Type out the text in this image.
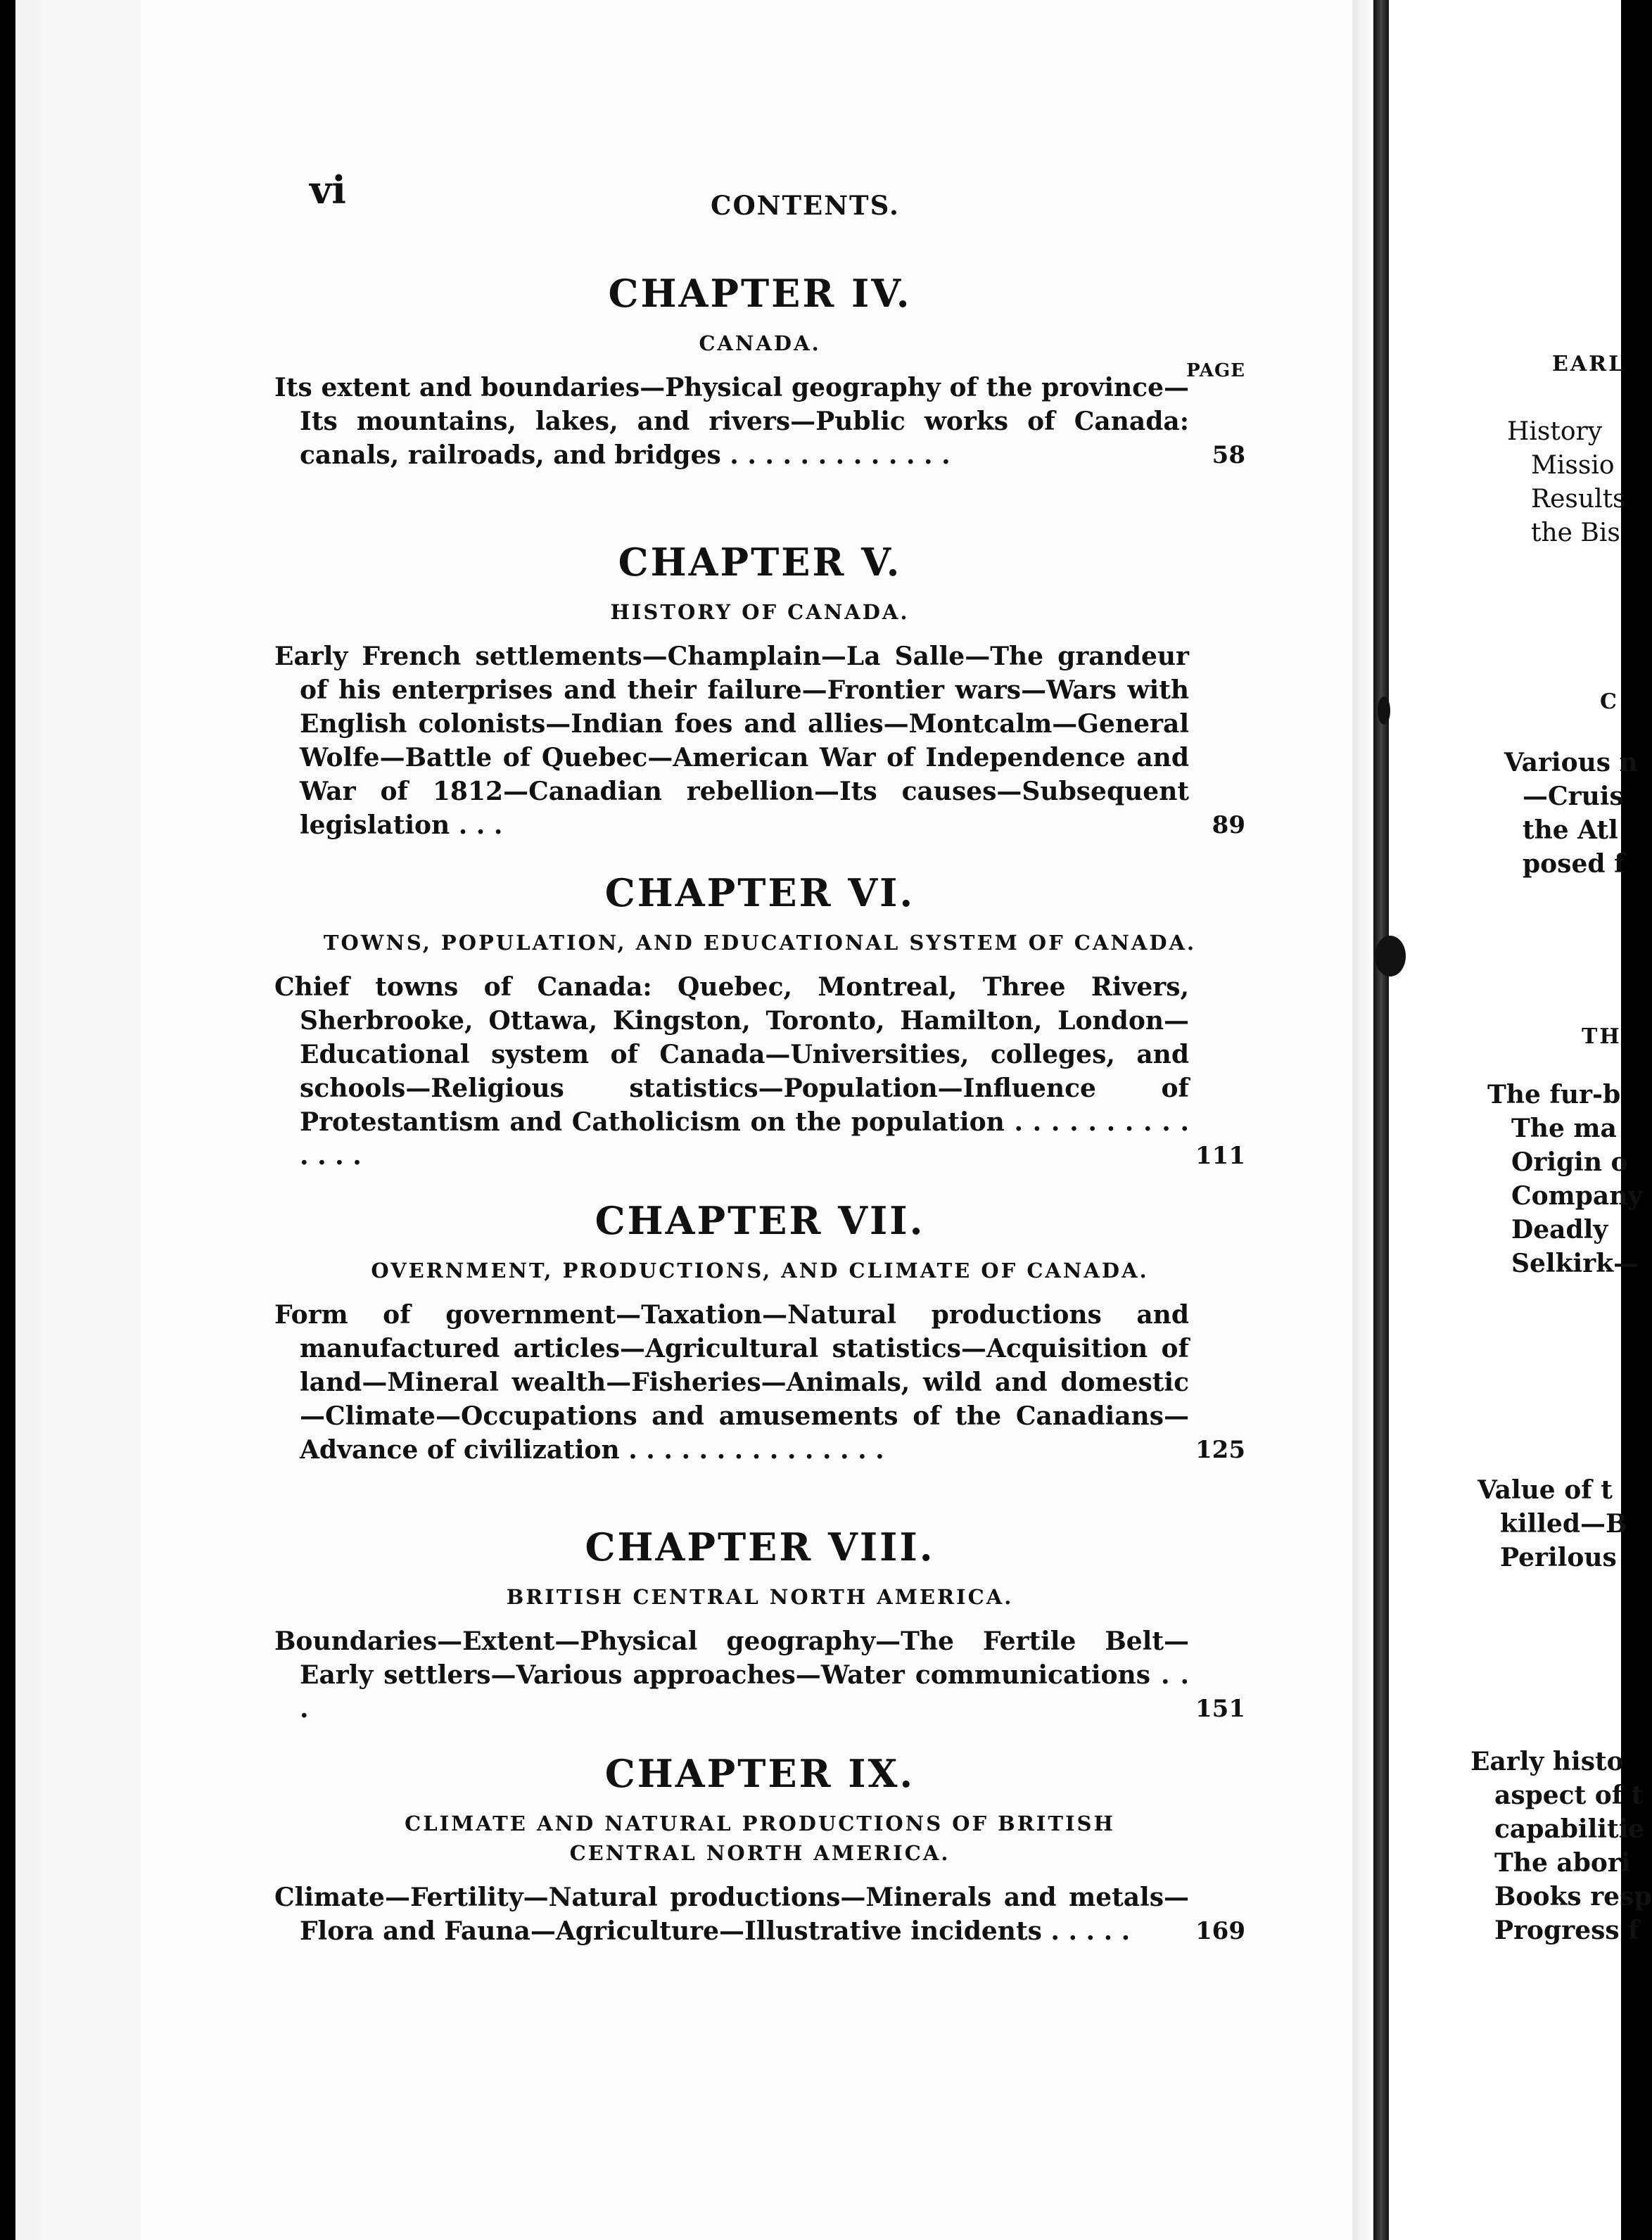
vi	CONTENTS.
CHAPTER IV.
CANADA.
PAGE
Its extent and boundaries—Physical geography of the province—Its mountains, lakes, and rivers—Public works of Canada: canals, railroads, and bridges . . . . . . . . . . . . .	58
CHAPTER V.
HISTORY OF CANADA.
Early French settlements—Champlain—La Salle—The grandeur of his enterprises and their failure—Frontier wars—Wars with English colonists—Indian foes and allies—Montcalm—General Wolfe—Battle of Quebec—American War of Independence and War of 1812—Canadian rebellion—Its causes—Subsequent legislation . . .	89
CHAPTER VI.
TOWNS, POPULATION, AND EDUCATIONAL SYSTEM OF CANADA.
Chief towns of Canada: Quebec, Montreal, Three Rivers, Sherbrooke, Ottawa, Kingston, Toronto, Hamilton, London—Educational system of Canada—Universities, colleges, and schools—Religious statistics—Population—Influence of Protestantism and Catholicism on the population . . . . . . . . . . . . . .	111
CHAPTER VII.
OVERNMENT, PRODUCTIONS, AND CLIMATE OF CANADA.
Form of government—Taxation—Natural productions and manufactured articles—Agricultural statistics—Acquisition of land—Mineral wealth—Fisheries—Animals, wild and domestic—Climate—Occupations and amusements of the Canadians—Advance of civilization . . . . . . . . . . . . . . .	125
CHAPTER VIII.
BRITISH CENTRAL NORTH AMERICA.
Boundaries—Extent—Physical geography—The Fertile Belt—Early settlers—Various approaches—Water communications . . .	151
CHAPTER IX.
CLIMATE AND NATURAL PRODUCTIONS OF BRITISH CENTRAL NORTH AMERICA.
Climate—Fertility—Natural productions—Minerals and metals—Flora and Fauna—Agriculture—Illustrative incidents . . . . .	169
EARL
History
Missio
Results
the Bis
C
Various n
—Cruis
the Atl
posed f
TH
The fur-b
The ma
Origin o
Company
Deadly
Selkirk—
Value of t
killed—B
Perilous
Early histo
aspect of t
capabilitie
The abori
Books resp
Progress f
